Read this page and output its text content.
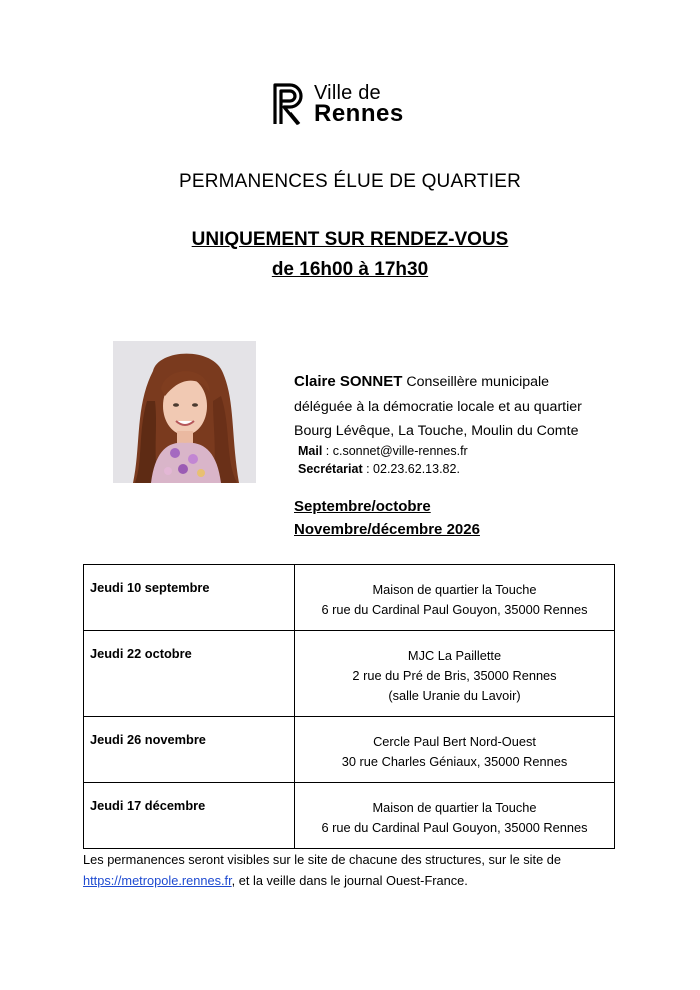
Ville de
Rennes
PERMANENCES ÉLUE DE QUARTIER
UNIQUEMENT SUR RENDEZ-VOUS
de 16h00 à 17h30
Claire SONNET Conseillère municipale
déléguée à la démocratie locale et au quartier
Bourg Lévêque, La Touche, Moulin du Comte
Mail : c.sonnet@ville-rennes.fr
Secrétariat : 02.23.62.13.82.
Septembre/octobre
Novembre/décembre 2026
Jeudi 10 septembre	Maison de quartier la Touche
6 rue du Cardinal Paul Gouyon, 35000 Rennes

Jeudi 22 octobre	MJC La Paillette
2 rue du Pré de Bris, 35000 Rennes
(salle Uranie du Lavoir)

Jeudi 26 novembre	Cercle Paul Bert Nord-Ouest
30 rue Charles Géniaux, 35000 Rennes

Jeudi 17 décembre	Maison de quartier la Touche
6 rue du Cardinal Paul Gouyon, 35000 Rennes
Les permanences seront visibles sur le site de chacune des structures, sur le site de
https://metropole.rennes.fr, et la veille dans le journal Ouest-France.
